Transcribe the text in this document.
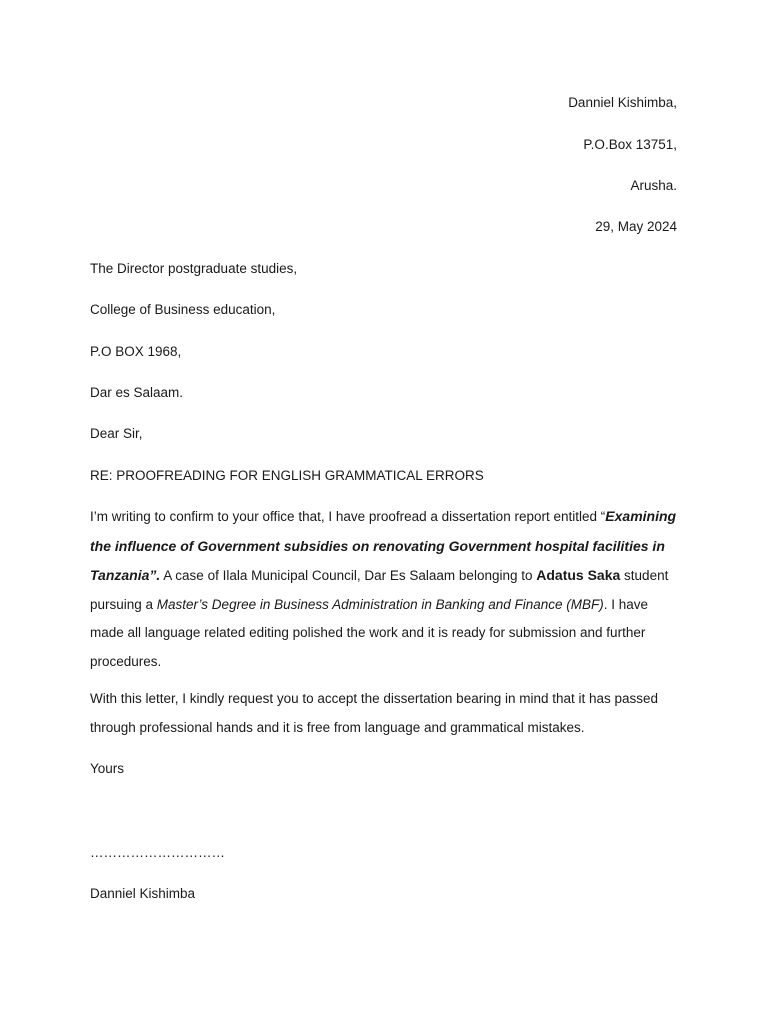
Danniel Kishimba,
P.O.Box 13751,
Arusha.
29, May 2024
The Director postgraduate studies,
College of Business education,
P.O BOX 1968,
Dar es Salaam.
Dear Sir,
RE: PROOFREADING FOR ENGLISH GRAMMATICAL ERRORS

I’m writing to confirm to your office that, I have proofread a dissertation report entitled “Examining the influence of Government subsidies on renovating Government hospital facilities in Tanzania”. A case of Ilala Municipal Council, Dar Es Salaam belonging to Adatus Saka student pursuing a Master’s Degree in Business Administration in Banking and Finance (MBF). I have made all language related editing polished the work and it is ready for submission and further procedures.

With this letter, I kindly request you to accept the dissertation bearing in mind that it has passed through professional hands and it is free from language and grammatical mistakes.

Yours
…………………………
Danniel Kishimba
